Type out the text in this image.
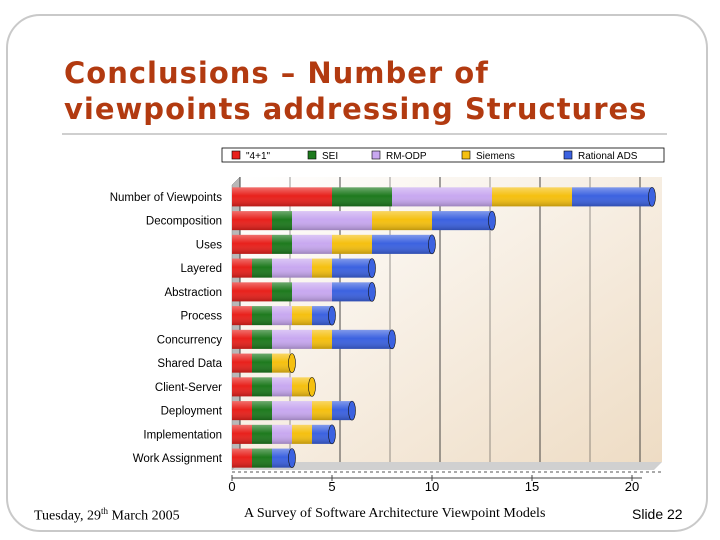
Conclusions – Number of
viewpoints addressing Structures
"4+1"	SEI	RM-ODP	Siemens	Rational ADS
0	5	10	15	20
Number of Viewpoints
Decomposition
Uses
Layered
Abstraction
Process
Concurrency
Shared Data
Client-Server
Deployment
Implementation
Work Assignment
Tuesday, 29th March 2005	A Survey of Software Architecture Viewpoint Models	Slide 22
